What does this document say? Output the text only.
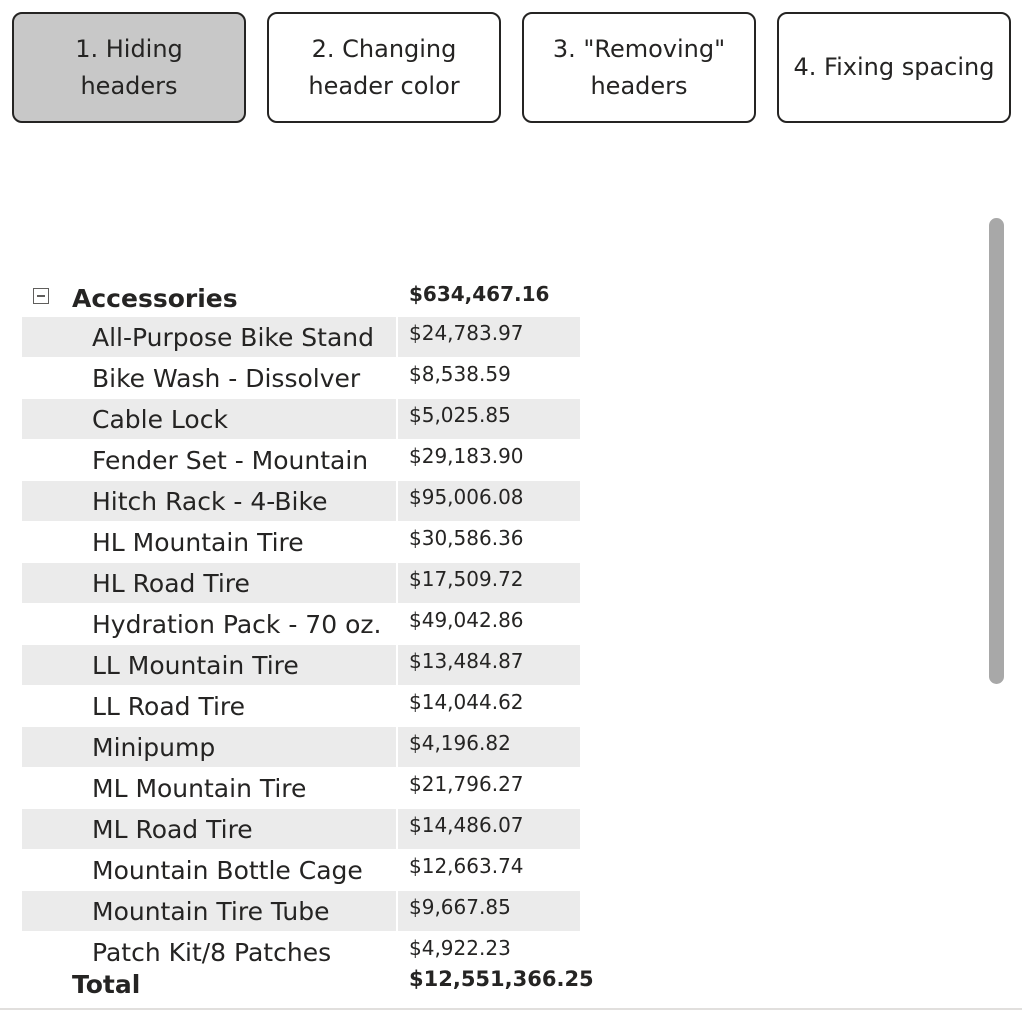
1. Hiding headers
2. Changing header color
3. "Removing" headers
4. Fixing spacing
Accessories	$634,467.16
All-Purpose Bike Stand $24,783.97
Bike Wash - Dissolver $8,538.59
Cable Lock	$5,025.85
Fender Set - Mountain $29,183.90
Hitch Rack - 4-Bike	$95,006.08
HL Mountain Tire	$30,586.36
HL Road Tire	$17,509.72
Hydration Pack - 70 oz. $49,042.86
LL Mountain Tire	$13,484.87
LL Road Tire	$14,044.62
Minipump	$4,196.82
ML Mountain Tire	$21,796.27
ML Road Tire	$14,486.07
Mountain Bottle Cage $12,663.74
Mountain Tire Tube	$9,667.85
Patch Kit/8 Patches	$4,922.23
Total	$12,551,366.25
